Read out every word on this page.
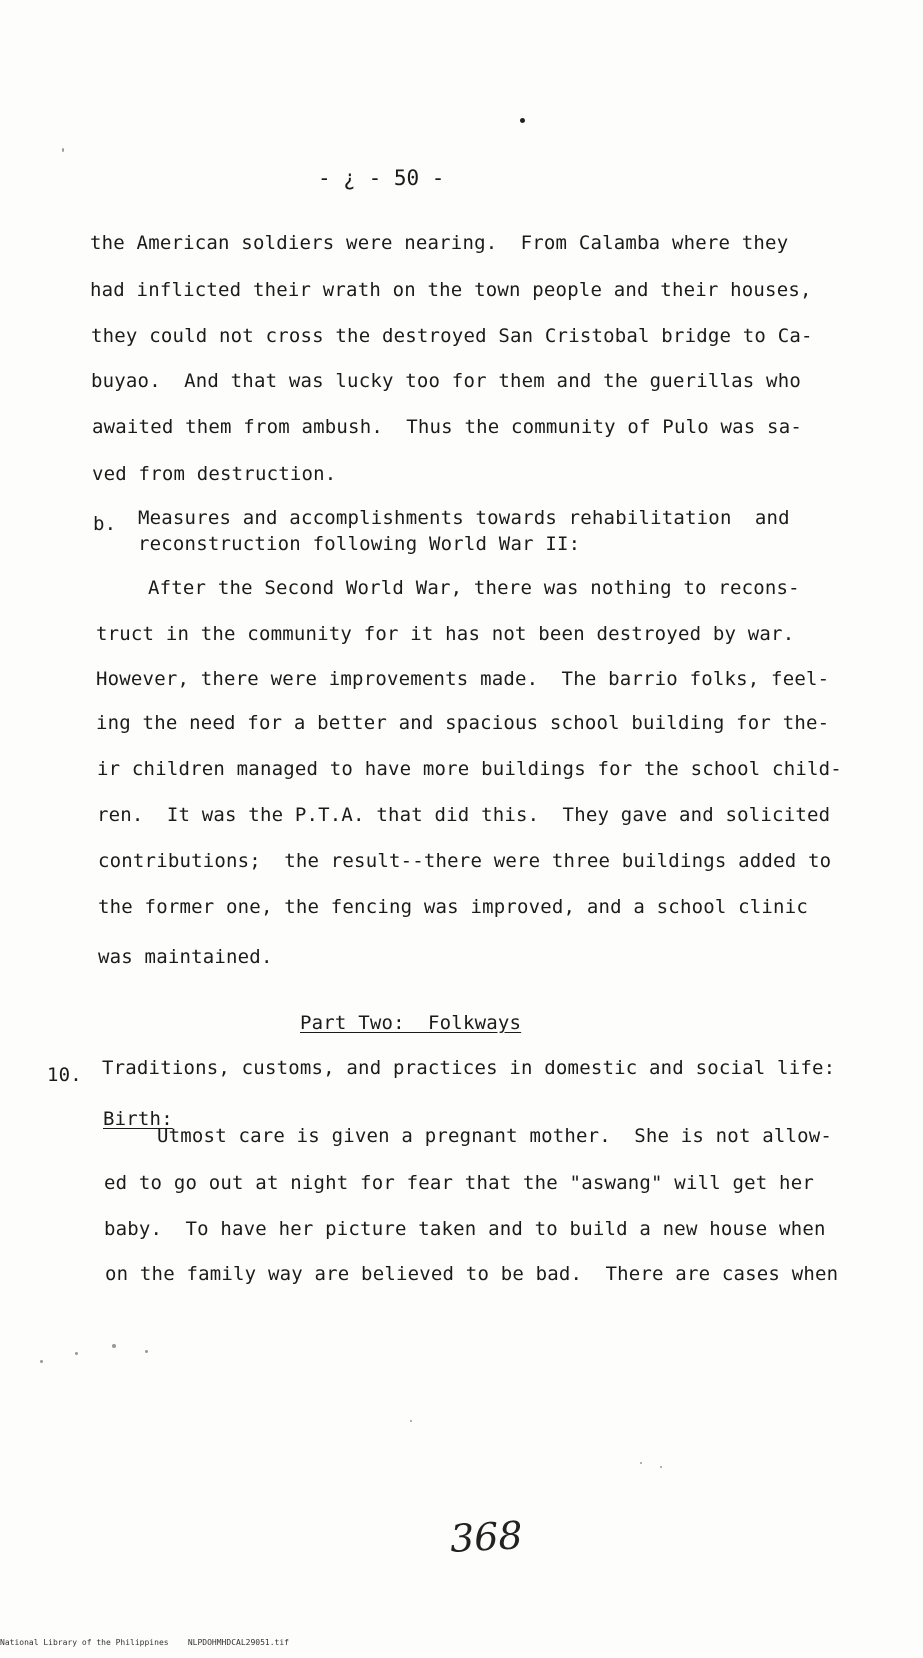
- ¿ - 50 -
the American soldiers were nearing.  From Calamba where they
had inflicted their wrath on the town people and their houses,
they could not cross the destroyed San Cristobal bridge to Ca-
buyao.  And that was lucky too for them and the guerillas who
awaited them from ambush.  Thus the community of Pulo was sa-
ved from destruction.
b. Measures and accomplishments towards rehabilitation  and
reconstruction following World War II:
After the Second World War, there was nothing to recons-
truct in the community for it has not been destroyed by war.
However, there were improvements made.  The barrio folks, feel-
ing the need for a better and spacious school building for the-
ir children managed to have more buildings for the school child-
ren.  It was the P.T.A. that did this.  They gave and solicited
contributions;  the result--there were three buildings added to
the former one, the fencing was improved, and a school clinic
was maintained.
Part Two:  Folkways
10. Traditions, customs, and practices in domestic and social life:
Birth:
Utmost care is given a pregnant mother.  She is not allow-
ed to go out at night for fear that the "aswang" will get her
baby.  To have her picture taken and to build a new house when
on the family way are believed to be bad.  There are cases when
368
National Library of the Philippines    NLPDOHMHDCAL29051.tif
